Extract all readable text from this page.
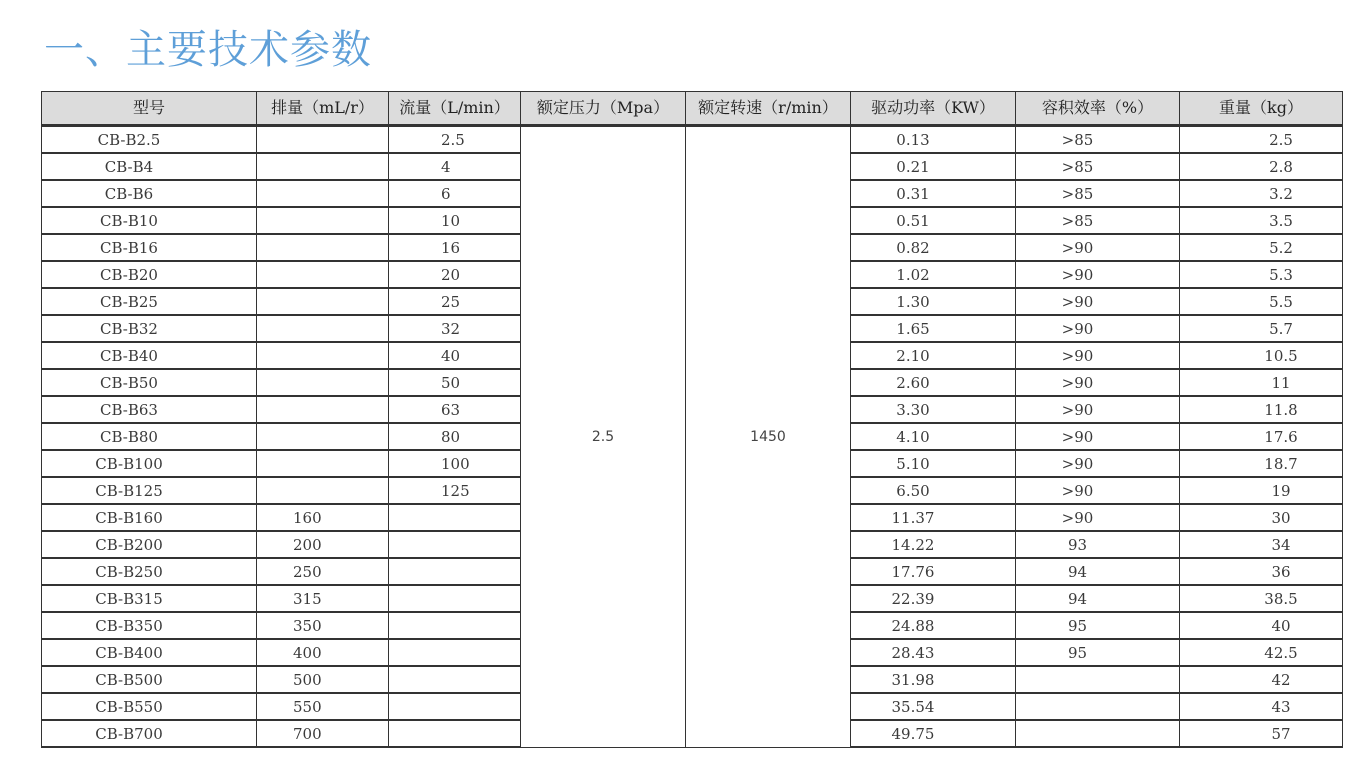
一、主要技术参数
型号	排量（mL/r）	流量（L/min）	额定压力（Mpa）	额定转速（r/min）	驱动功率（KW）	容积效率（%）	重量（kg）
CB-B2.5		2.5	2.5	1450	0.13	>85	2.5
CB-B4		4			0.21	>85	2.8
CB-B6		6			0.31	>85	3.2
CB-B10		10			0.51	>85	3.5
CB-B16		16			0.82	>90	5.2
CB-B20		20			1.02	>90	5.3
CB-B25		25			1.30	>90	5.5
CB-B32		32			1.65	>90	5.7
CB-B40		40			2.10	>90	10.5
CB-B50		50			2.60	>90	11
CB-B63		63			3.30	>90	11.8
CB-B80		80			4.10	>90	17.6
CB-B100		100			5.10	>90	18.7
CB-B125		125			6.50	>90	19
CB-B160	160				11.37	>90	30
CB-B200	200				14.22	93	34
CB-B250	250				17.76	94	36
CB-B315	315				22.39	94	38.5
CB-B350	350				24.88	95	40
CB-B400	400				28.43	95	42.5
CB-B500	500				31.98		42
CB-B550	550				35.54		43
CB-B700	700				49.75		57
